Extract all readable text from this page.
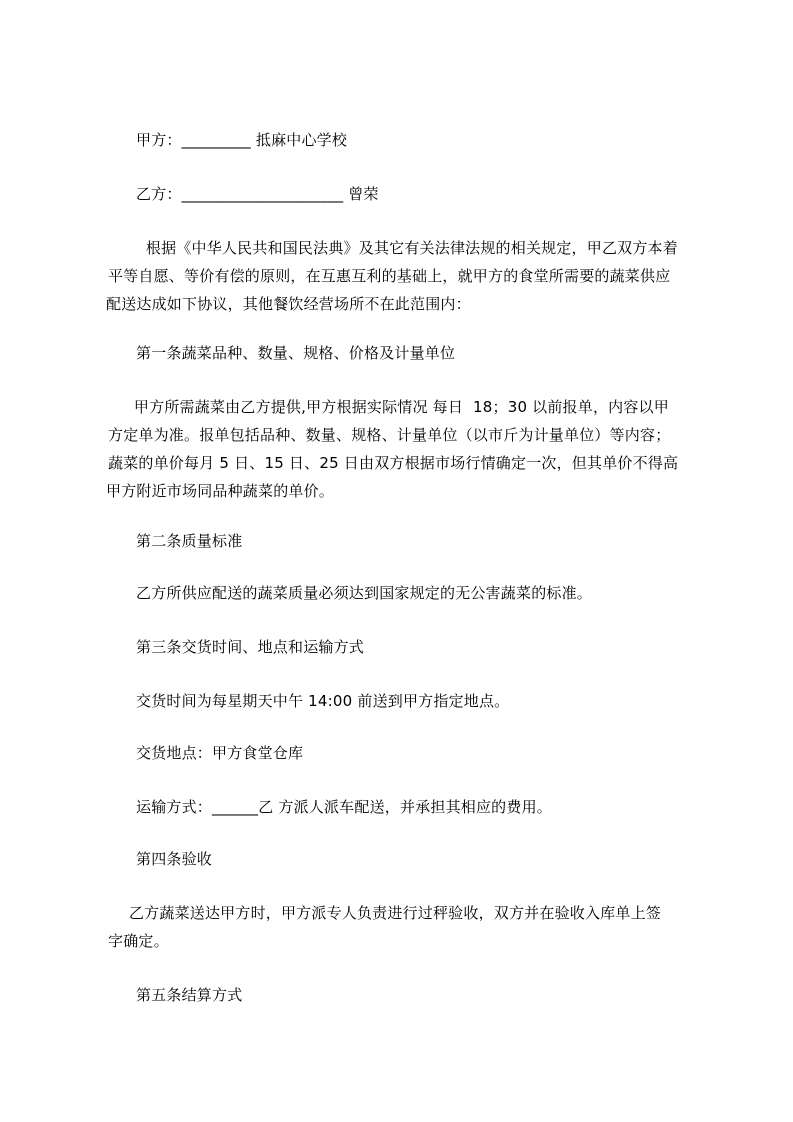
甲方：_________ 抵麻中心学校

乙方：_____________________ 曾荣

根据《中华人民共和国民法典》及其它有关法律法规的相关规定，甲乙双方本着

平等自愿、等价有偿的原则，在互惠互利的基础上，就甲方的食堂所需要的蔬菜供应

配送达成如下协议，其他餐饮经营场所不在此范围内：

第一条蔬菜品种、数量、规格、价格及计量单位

甲方所需蔬菜由乙方提供,甲方根据实际情况 每日  18；30 以前报单，内容以甲

方定单为准。报单包括品种、数量、规格、计量单位（以市斤为计量单位）等内容；

蔬菜的单价每月 5 日、15 日、25 日由双方根据市场行情确定一次，但其单价不得高

甲方附近市场同品种蔬菜的单价。

第二条质量标准

乙方所供应配送的蔬菜质量必须达到国家规定的无公害蔬菜的标准。

第三条交货时间、地点和运输方式

交货时间为每星期天中午 14:00 前送到甲方指定地点。

交货地点：甲方食堂仓库

运输方式：______乙 方派人派车配送，并承担其相应的费用。

第四条验收

乙方蔬菜送达甲方时，甲方派专人负责进行过秤验收，双方并在验收入库单上签

字确定。

第五条结算方式
